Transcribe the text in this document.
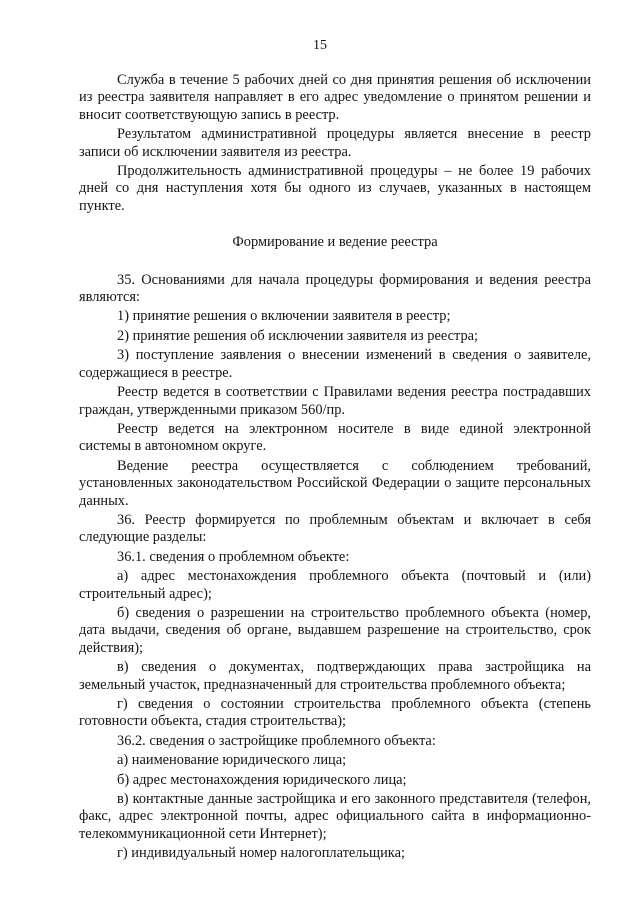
15

Служба в течение 5 рабочих дней со дня принятия решения об исключении из реестра заявителя направляет в его адрес уведомление о принятом решении и вносит соответствующую запись в реестр.

Результатом административной процедуры является внесение в реестр записи об исключении заявителя из реестра.

Продолжительность административной процедуры – не более 19 рабочих дней со дня наступления хотя бы одного из случаев, указанных в настоящем пункте.

Формирование и ведение реестра

35. Основаниями для начала процедуры формирования и ведения реестра являются:

1) принятие решения о включении заявителя в реестр;

2) принятие решения об исключении заявителя из реестра;

3) поступление заявления о внесении изменений в сведения о заявителе, содержащиеся в реестре.

Реестр ведется в соответствии с Правилами ведения реестра пострадавших граждан, утвержденными приказом 560/пр.

Реестр ведется на электронном носителе в виде единой электронной системы в автономном округе.

Ведение реестра осуществляется с соблюдением требований, установленных законодательством Российской Федерации о защите персональных данных.

36. Реестр формируется по проблемным объектам и включает в себя следующие разделы:

36.1. сведения о проблемном объекте:

а) адрес местонахождения проблемного объекта (почтовый и (или) строительный адрес);

б) сведения о разрешении на строительство проблемного объекта (номер, дата выдачи, сведения об органе, выдавшем разрешение на строительство, срок действия);

в) сведения о документах, подтверждающих права застройщика на земельный участок, предназначенный для строительства проблемного объекта;

г) сведения о состоянии строительства проблемного объекта (степень готовности объекта, стадия строительства);

36.2. сведения о застройщике проблемного объекта:

а) наименование юридического лица;

б) адрес местонахождения юридического лица;

в) контактные данные застройщика и его законного представителя (телефон, факс, адрес электронной почты, адрес официального сайта в информационно-телекоммуникационной сети Интернет);

г) индивидуальный номер налогоплательщика;
